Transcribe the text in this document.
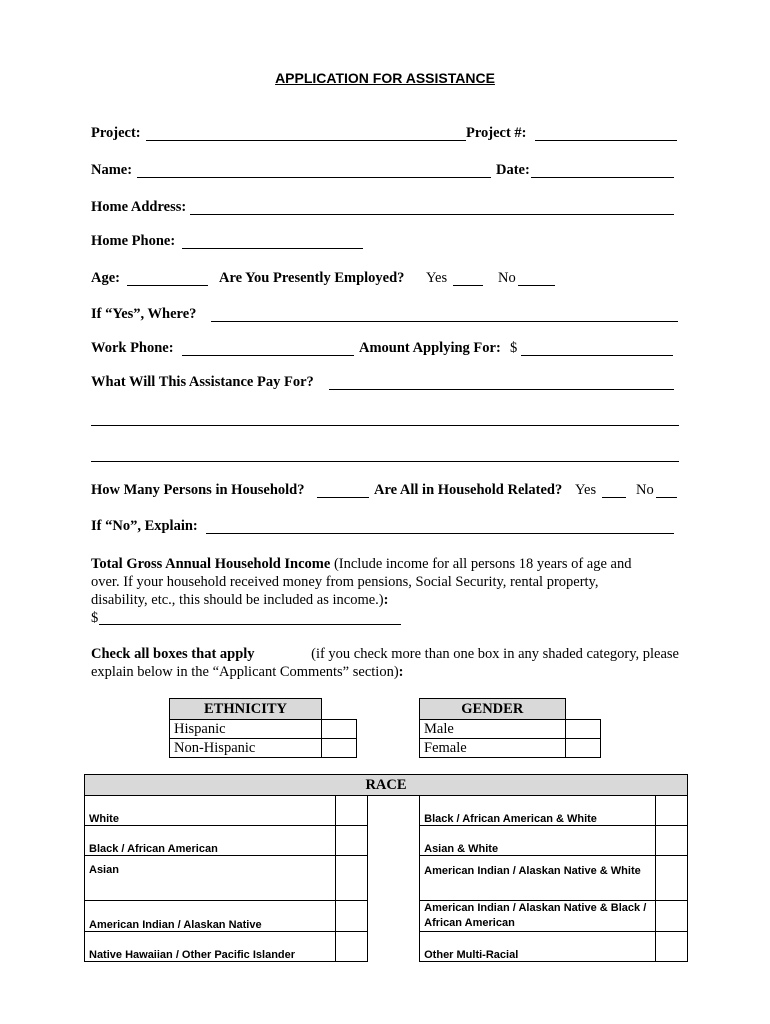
APPLICATION FOR ASSISTANCE
Project:	Project #:
Name:	Date:
Home Address:
Home Phone:
Age:	Are You Presently Employed? Yes	No
If “Yes”, Where?
Work Phone:	Amount Applying For: $
What Will This Assistance Pay For?
How Many Persons in Household?	Are All in Household Related? Yes	No
If “No”, Explain:
Total Gross Annual Household Income (Include income for all persons 18 years of age and
over. If your household received money from pensions, Social Security, rental property,
disability, etc., this should be included as income.):
$
Check all boxes that apply	(if you check more than one box in any shaded category, please
explain below in the “Applicant Comments” section):
ETHNICITY	
Hispanic	
Non-Hispanic	
GENDER	
Male	
Female	
RACE				
White			Black / African American & White	
Black / African American			Asian & White	
Asian			American Indian / Alaskan Native & White	
American Indian / Alaskan Native			American Indian / Alaskan Native & Black / African American	
Native Hawaiian / Other Pacific Islander			Other Multi-Racial	
